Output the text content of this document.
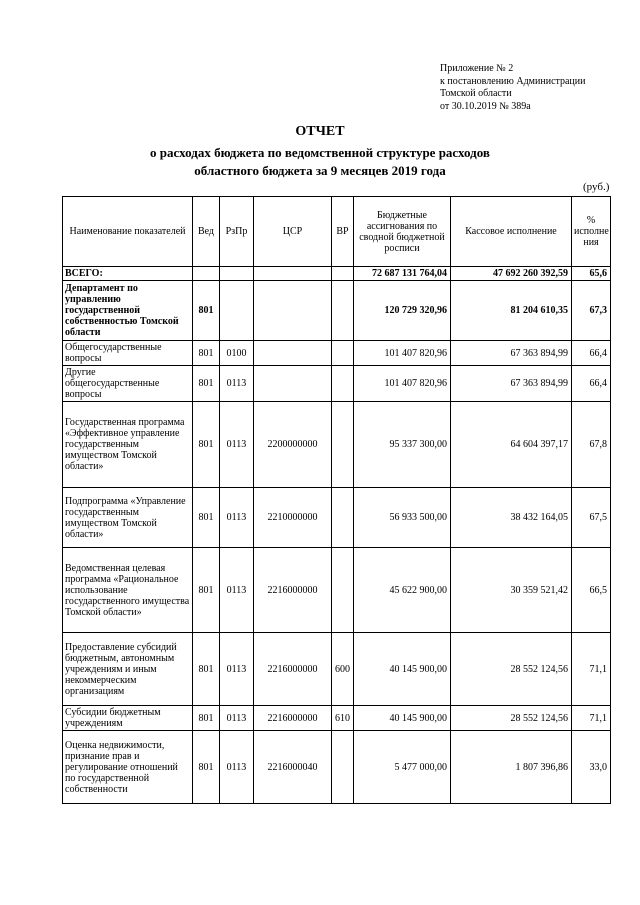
Приложение № 2
к постановлению Администрации
Томской области
от 30.10.2019 № 389а
ОТЧЕТ
о расходах бюджета по ведомственной структуре расходов
областного бюджета за 9 месяцев 2019 года
(руб.)
Наименование показателей	Вед	РзПр	ЦСР	ВР	Бюджетные ассигнования по сводной бюджетной росписи	Кассовое исполнение	% исполне ния
ВСЕГО:					72 687 131 764,04	47 692 260 392,59	65,6
Департамент по управлению государственной собственностью Томской области	801				120 729 320,96	81 204 610,35	67,3
Общегосударственные вопросы	801	0100			101 407 820,96	67 363 894,99	66,4
Другие общегосударственные вопросы	801	0113			101 407 820,96	67 363 894,99	66,4
Государственная программа «Эффективное управление государственным имуществом Томской области»	801	0113	2200000000		95 337 300,00	64 604 397,17	67,8
Подпрограмма «Управление государственным имуществом Томской области»	801	0113	2210000000		56 933 500,00	38 432 164,05	67,5
Ведомственная целевая программа «Рациональное использование государственного имущества Томской области»	801	0113	2216000000		45 622 900,00	30 359 521,42	66,5
Предоставление субсидий бюджетным, автономным учреждениям и иным некоммерческим организациям	801	0113	2216000000	600	40 145 900,00	28 552 124,56	71,1
Субсидии бюджетным учреждениям	801	0113	2216000000	610	40 145 900,00	28 552 124,56	71,1
Оценка недвижимости, признание прав и регулирование отношений по государственной собственности	801	0113	2216000040		5 477 000,00	1 807 396,86	33,0
